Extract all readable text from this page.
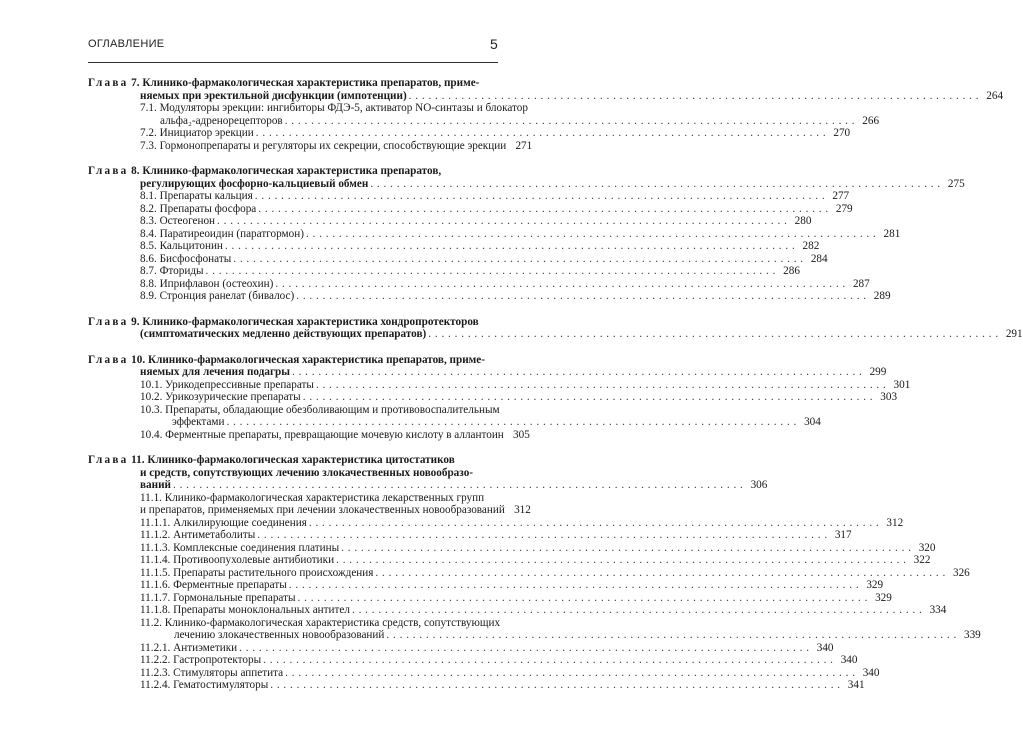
ОГЛАВЛЕНИЕ	5
Глава 7. Клинико-фармакологическая характеристика препаратов, приме-
няемых при эректильной дисфункции (импотенции) . . .	264
7.1. Модуляторы эрекции: ингибиторы ФДЭ-5, активатор NO-синтазы и блокатор
альфа₂-адренорецепторов . . .	266
7.2. Инициатор эрекции . . .	270
7.3. Гормонопрепараты и регуляторы их секреции, способствующие эрекции 271
Глава 8. Клинико-фармакологическая характеристика препаратов,
регулирующих фосфорно-кальциевый обмен . . .	275
8.1. Препараты кальция . . .	277
8.2. Препараты фосфора . . .	279
8.3. Остеогенон . . .	280
8.4. Паратиреоидин (паратгормон) . . .	281
8.5. Кальцитонин . . .	282
8.6. Бисфосфонаты . . .	284
8.7. Фториды . . .	286
8.8. Иприфлавон (остеохин) . . .	287
8.9. Стронция ранелат (бивалос) . . .	289
Глава 9. Клинико-фармакологическая характеристика хондропротекторов
(симптоматических медленно действующих препаратов) . . .	291
Глава 10. Клинико-фармакологическая характеристика препаратов, приме-
няемых для лечения подагры . . .	299
10.1. Урикодепрессивные препараты . . .	301
10.2. Урикозурические препараты . . .	303
10.3. Препараты, обладающие обезболивающим и противовоспалительным
эффектами . . .	304
10.4. Ферментные препараты, превращающие мочевую кислоту в аллантоин 305
Глава 11. Клинико-фармакологическая характеристика цитостатиков
и средств, сопутствующих лечению злокачественных новообразо-
ваний . . .	306
11.1. Клинико-фармакологическая характеристика лекарственных групп
и препаратов, применяемых при лечении злокачественных новообразований 312
11.1.1. Алкилирующие соединения . . .	312
11.1.2. Антиметаболиты . . .	317
11.1.3. Комплексные соединения платины . . .	320
11.1.4. Противоопухолевые антибиотики . . .	322
11.1.5. Препараты растительного происхождения . . .	326
11.1.6. Ферментные препараты . . .	329
11.1.7. Гормональные препараты . . .	329
11.1.8. Препараты моноклональных антител . . .	334
11.2. Клинико-фармакологическая характеристика средств, сопутствующих
лечению злокачественных новообразований . . .	339
11.2.1. Антиэметики . . .	340
11.2.2. Гастропротекторы . . .	340
11.2.3. Стимуляторы аппетита . . .	340
11.2.4. Гематостимуляторы . . .	341
